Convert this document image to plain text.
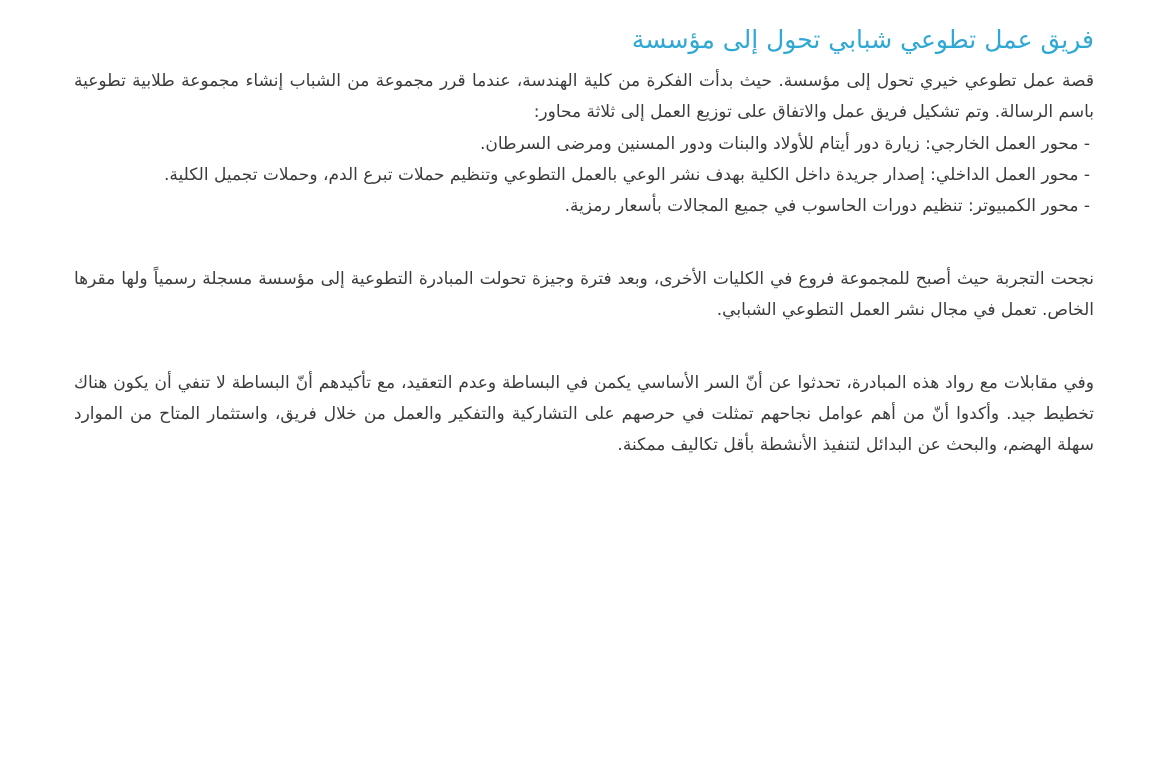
فريق عمل تطوعي شبابي تحول إلى مؤسسة

قصة عمل تطوعي خيري تحول إلى مؤسسة. حيث بدأت الفكرة من كلية الهندسة، عندما قرر مجموعة من الشباب إنشاء مجموعة طلابية تطوعية باسم الرسالة. وتم تشكيل فريق عمل والاتفاق على توزيع العمل إلى ثلاثة محاور:

- محور العمل الخارجي: زيارة دور أيتام للأولاد والبنات ودور المسنين ومرضى السرطان.
- محور العمل الداخلي: إصدار جريدة داخل الكلية بهدف نشر الوعي بالعمل التطوعي وتنظيم حملات تبرع الدم، وحملات تجميل الكلية.
- محور الكمبيوتر: تنظيم دورات الحاسوب في جميع المجالات بأسعار رمزية.

نجحت التجربة حيث أصبح للمجموعة فروع في الكليات الأخرى، وبعد فترة وجيزة تحولت المبادرة التطوعية إلى مؤسسة مسجلة رسمياً ولها مقرها الخاص. تعمل في مجال نشر العمل التطوعي الشبابي.

وفي مقابلات مع رواد هذه المبادرة، تحدثوا عن أنّ السر الأساسي يكمن في البساطة وعدم التعقيد، مع تأكيدهم أنّ البساطة لا تنفي أن يكون هناك تخطيط جيد. وأكدوا أنّ من أهم عوامل نجاحهم تمثلت في حرصهم على التشاركية والتفكير والعمل من خلال فريق، واستثمار المتاح من الموارد سهلة الهضم، والبحث عن البدائل لتنفيذ الأنشطة بأقل تكاليف ممكنة.
